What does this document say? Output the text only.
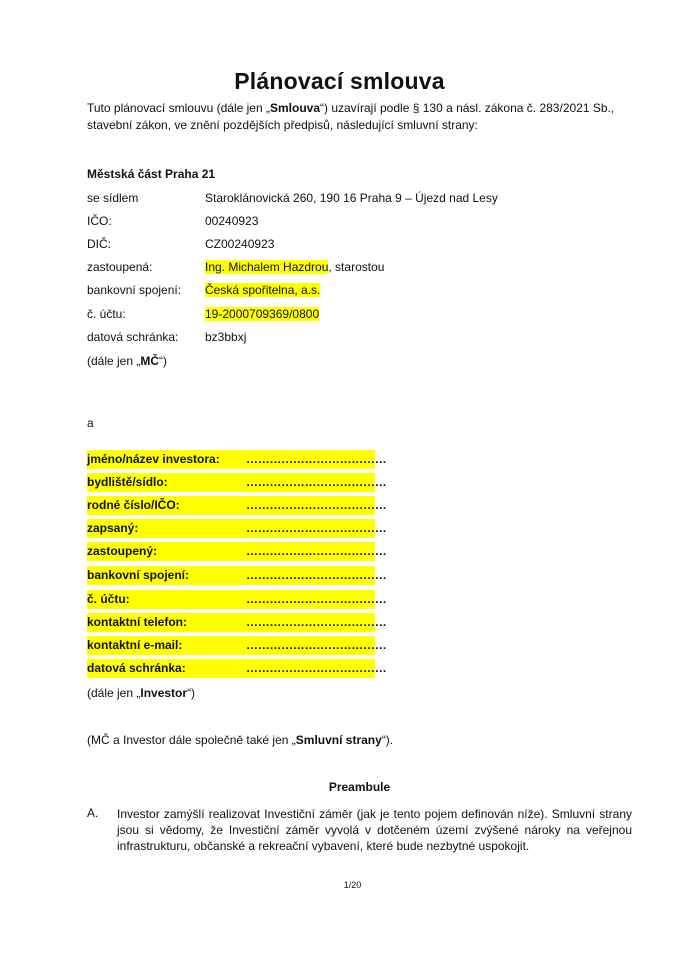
Plánovací smlouva
Tuto plánovací smlouvu (dále jen „Smlouva“) uzavírají podle § 130 a násl. zákona č. 283/2021 Sb., stavební zákon, ve znění pozdějších předpisů, následující smluvní strany:
Městská část Praha 21
se sídlem	Staroklánovická 260, 190 16 Praha 9 – Újezd nad Lesy
IČO:	00240923
DIČ:	CZ00240923
zastoupená:	Ing. Michalem Hazdrou, starostou
bankovní spojení:	Česká spořitelna, a.s.
č. účtu:	19-2000709369/0800
datová schránka:	bz3bbxj
(dále jen „MČ“)
a
jméno/název investora: ………………………………
bydliště/sídlo:	………………………………
rodné číslo/IČO:	………………………………
zapsaný:	………………………………
zastoupený:	………………………………
bankovní spojení:	………………………………
č. účtu:	………………………………
kontaktní telefon:	………………………………
kontaktní e-mail:	………………………………
datová schránka:	………………………………
(dále jen „Investor“)
(MČ a Investor dále společně také jen „Smluvní strany“).
Preambule
A. Investor zamýšlí realizovat Investiční záměr (jak je tento pojem definován níže). Smluvní strany jsou si vědomy, že Investiční záměr vyvolá v dotčeném území zvýšené nároky na veřejnou infrastrukturu, občanské a rekreační vybavení, které bude nezbytné uspokojit.
1/20
